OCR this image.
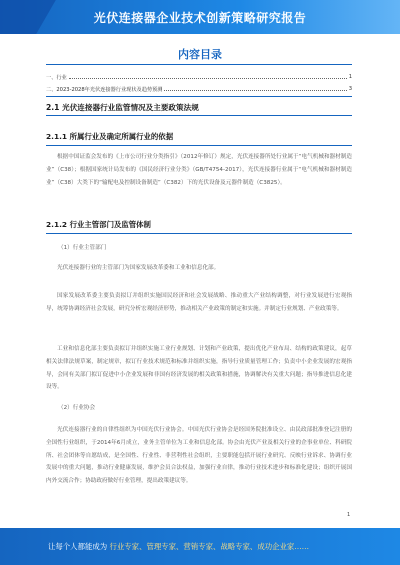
光伏连接器企业技术创新策略研究报告
内容目录
一、行业	1
二、2023-2028年光伏连接器行业现状及趋势预测	3
2.1 光伏连接器行业监管情况及主要政策法规
2.1.1 所属行业及确定所属行业的依据
根据中国证监会发布的《上市公司行业分类指引》（2012年修订）规定，光伏连接器所处行业属于“电气机械和器材制造业”（C38）；根据国家统计局发布的《国民经济行业分类》（GB/T4754-2017），光伏连接器行业属于“电气机械和器材制造业”（C38）大类下的“输配电及控制设备制造”（C382）下的光伏设备及元器件制造（C3825）。
2.1.2 行业主管部门及监管体制
（1）行业主管部门
光伏连接器行业的主管部门为国家发展改革委和工业和信息化部。
国家发展改革委主要负责拟订并组织实施国民经济和社会发展战略、推动重大产业结构调整，对行业发展进行宏观指导，统筹协调经济社会发展，研究分析宏观经济形势，推动相关产业政策的制定和实施。并制定行业规划、产业政策等。
工业和信息化部主要负责拟订并组织实施工业行业规划、计划和产业政策，提出优化产业布局、结构的政策建议，起草相关法律法规草案，制定规章，拟订行业技术规范和标准并组织实施，指导行业质量管理工作；负责中小企业发展的宏观指导，会同有关部门拟订促进中小企业发展和非国有经济发展的相关政策和措施，协调解决有关重大问题；指导推进信息化建设等。
（2）行业协会
光伏连接器行业的自律性组织为中国光伏行业协会。中国光伏行业协会是经国务院批准设立、由民政部批准登记注册的全国性行业组织，于2014年6月成立，业务主管单位为工业和信息化部。协会由光伏产业及相关行业的企事业单位、科研院所、社会团体等自愿结成，是全国性、行业性、非营利性社会组织，主要职能包括开展行业研究、反映行业诉求、协调行业发展中的重大问题，推动行业健康发展，维护会员合法权益，加强行业自律，推动行业技术进步和标准化建设；组织开展国内外交流合作；协助政府做好行业管理，提出政策建议等。
1
让每个人都能成为 行业专家、管理专家、营销专家、战略专家、成功企业家……
